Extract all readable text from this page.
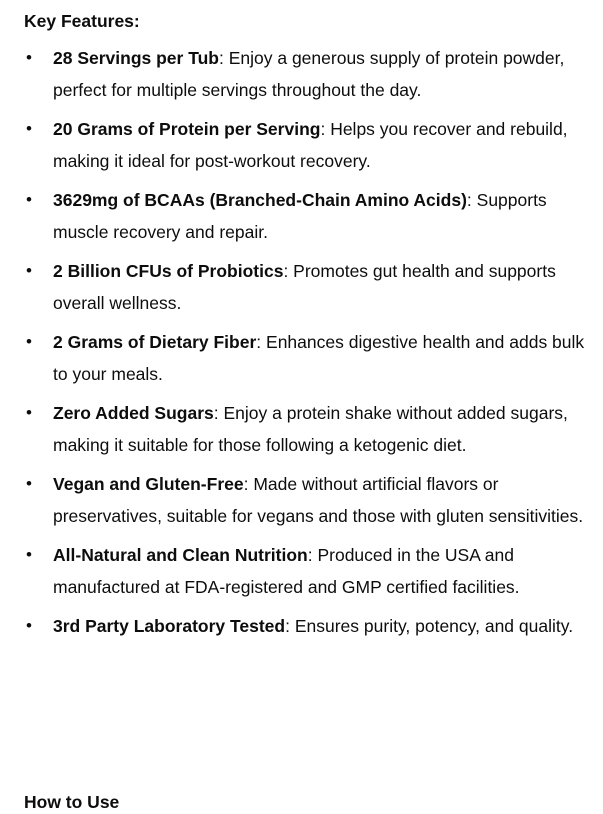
Key Features:
• 28 Servings per Tub: Enjoy a generous supply of protein powder, perfect for multiple servings throughout the day.
• 20 Grams of Protein per Serving: Helps you recover and rebuild, making it ideal for post-workout recovery.
• 3629mg of BCAAs (Branched-Chain Amino Acids): Supports muscle recovery and repair.
• 2 Billion CFUs of Probiotics: Promotes gut health and supports overall wellness.
• 2 Grams of Dietary Fiber: Enhances digestive health and adds bulk to your meals.
• Zero Added Sugars: Enjoy a protein shake without added sugars, making it suitable for those following a ketogenic diet.
• Vegan and Gluten-Free: Made without artificial flavors or preservatives, suitable for vegans and those with gluten sensitivities.
• All-Natural and Clean Nutrition: Produced in the USA and manufactured at FDA-registered and GMP certified facilities.
• 3rd Party Laboratory Tested: Ensures purity, potency, and quality.
How to Use
